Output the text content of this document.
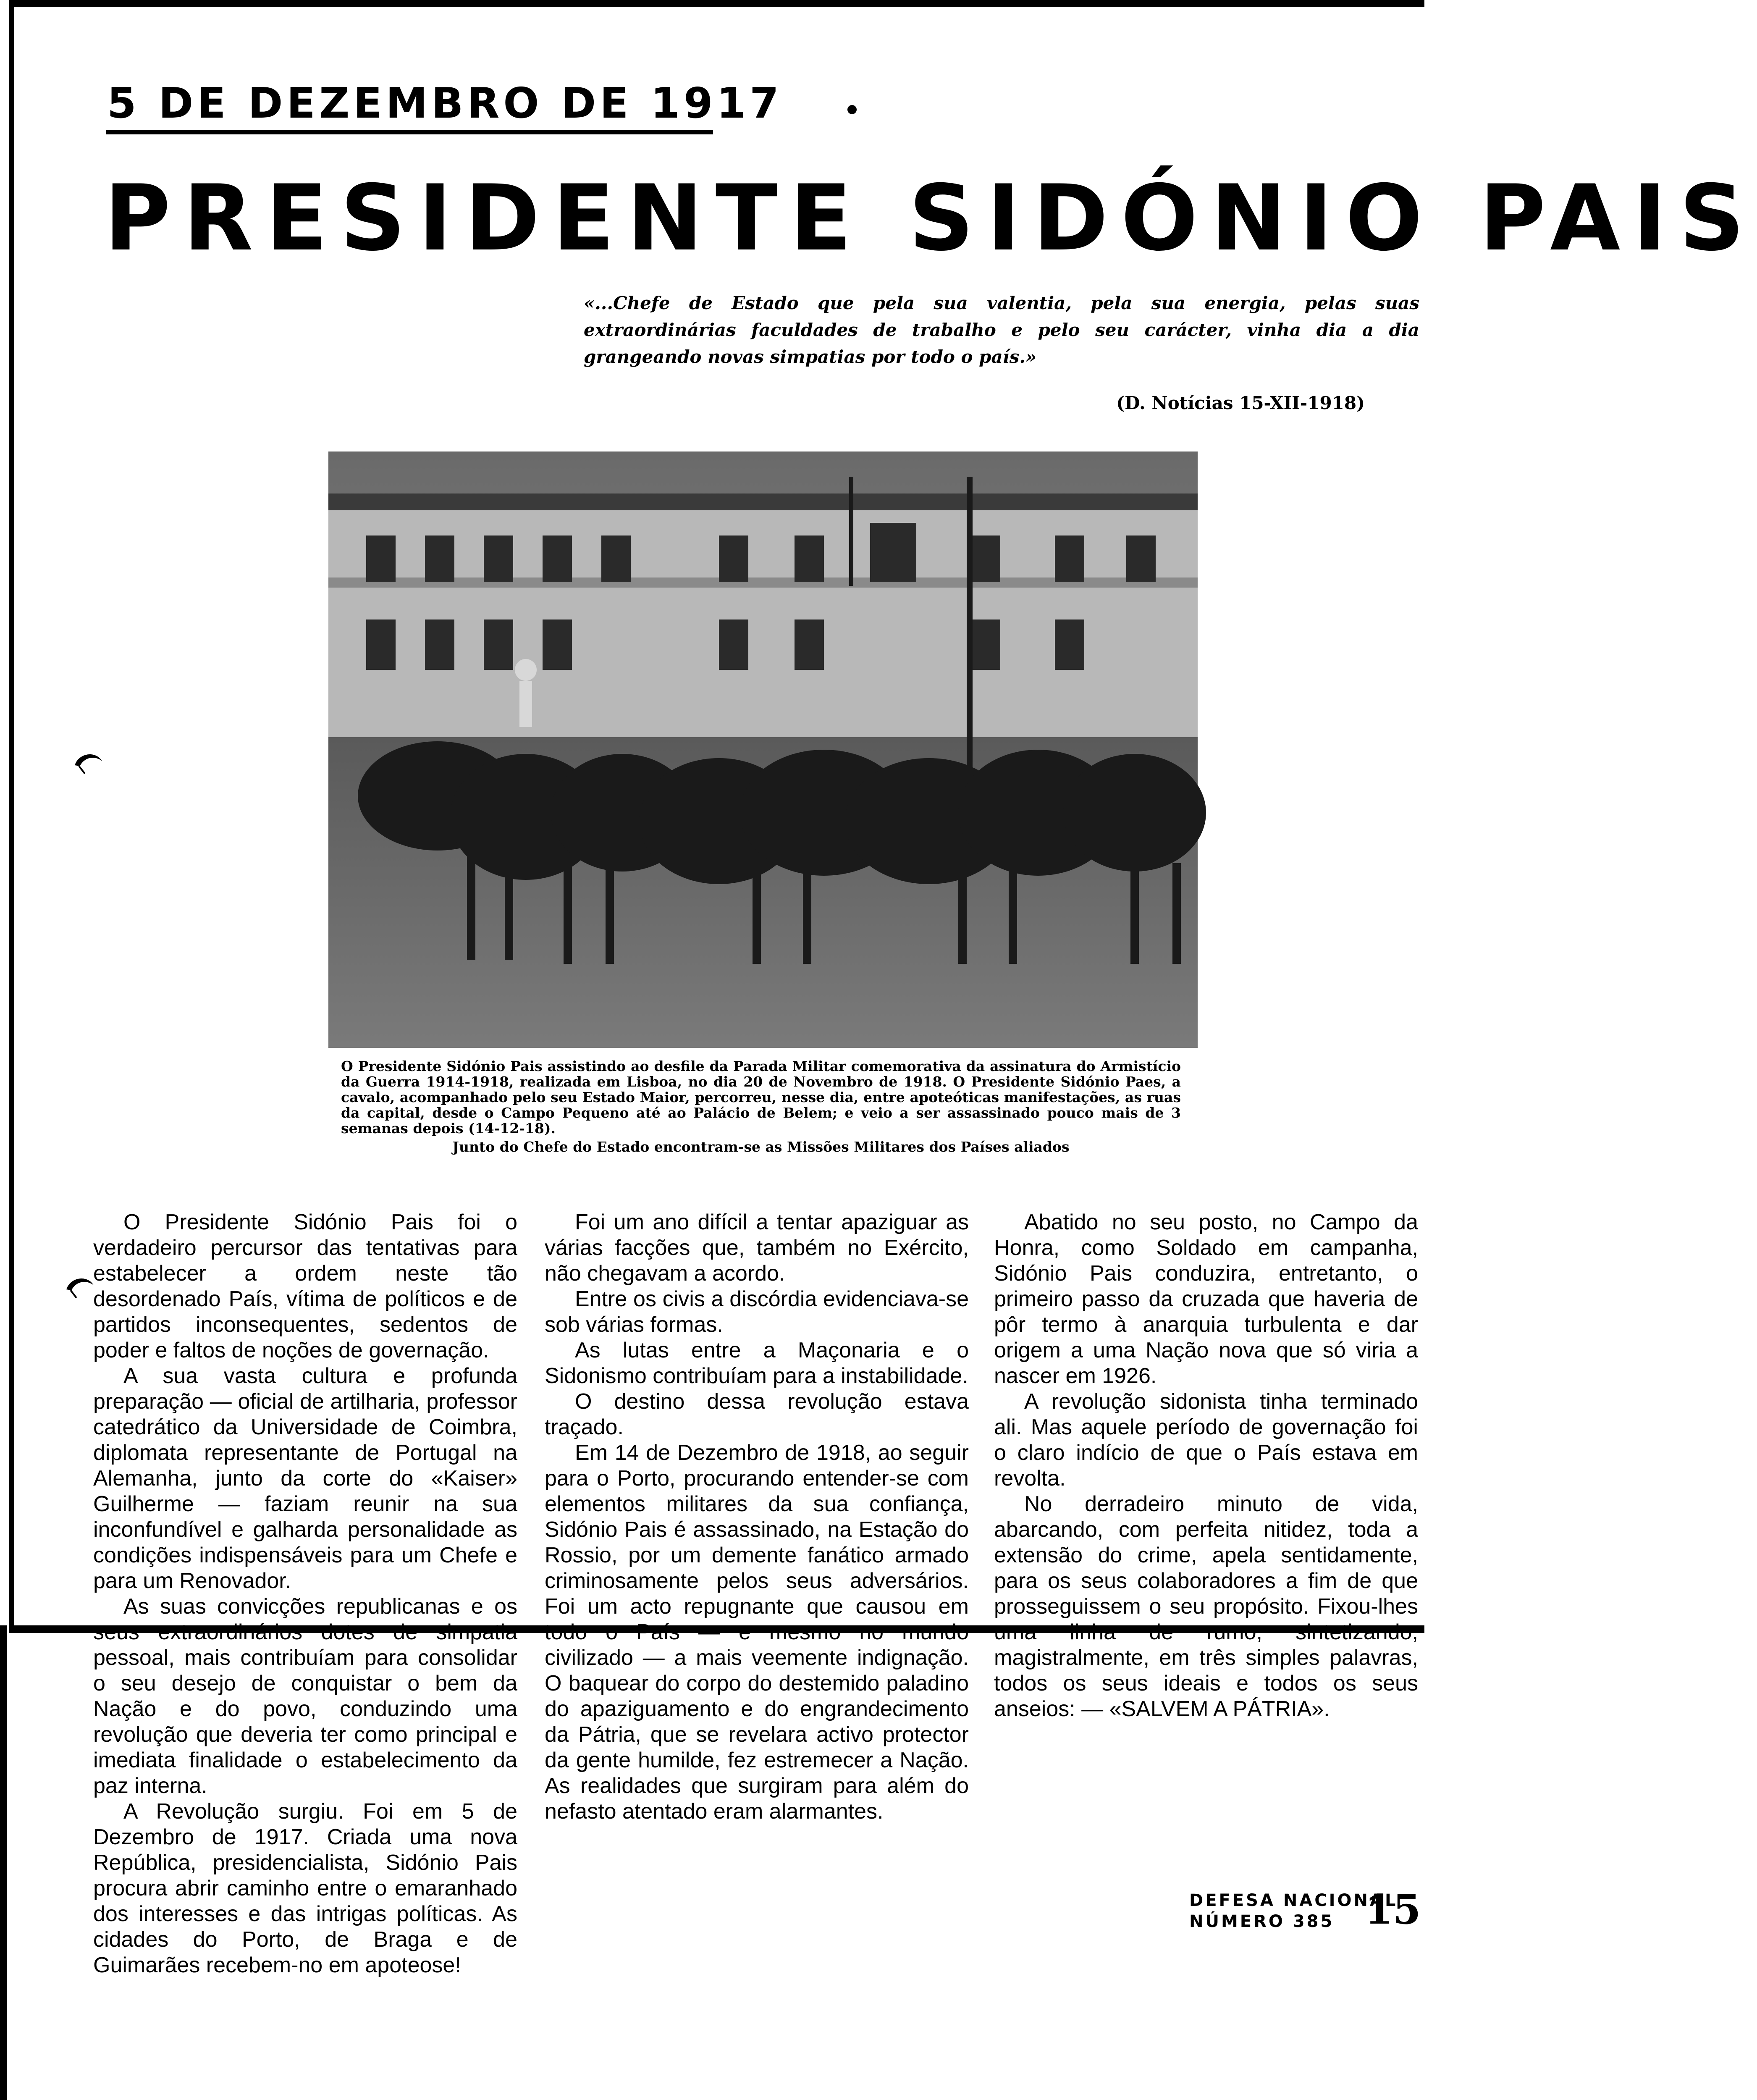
5 DE DEZEMBRO DE 1917
PRESIDENTE SIDÓNIO PAIS
«...Chefe de Estado que pela sua valentia, pela sua energia, pelas suas extraordinárias faculdades de trabalho e pelo seu carácter, vinha dia a dia grangeando novas simpatias por todo o país.»
(D. Notícias 15-XII-1918)
O Presidente Sidónio Pais assistindo ao desfile da Parada Militar comemorativa da assinatura do Armistício da Guerra 1914-1918, realizada em Lisboa, no dia 20 de Novembro de 1918. O Presidente Sidónio Paes, a cavalo, acompanhado pelo seu Estado Maior, percorreu, nesse dia, entre apoteóticas manifestações, as ruas da capital, desde o Campo Pequeno até ao Palácio de Belem; e veio a ser assassinado pouco mais de 3 semanas depois (14-12-18).
Junto do Chefe do Estado encontram-se as Missões Militares dos Países aliados

O Presidente Sidónio Pais foi o verdadeiro percursor das tentativas para estabelecer a ordem neste tão desordenado País, vítima de políticos e de partidos inconsequentes, sedentos de poder e faltos de noções de governação.

A sua vasta cultura e profunda preparação — oficial de artilharia, professor catedrático da Universidade de Coimbra, diplomata representante de Portugal na Alemanha, junto da corte do «Kaiser» Guilherme — faziam reunir na sua inconfundível e galharda personalidade as condições indispensáveis para um Chefe e para um Renovador.

As suas convicções republicanas e os seus extraordinários dotes de simpatia pessoal, mais contribuíam para consolidar o seu desejo de conquistar o bem da Nação e do povo, conduzindo uma revolução que deveria ter como principal e imediata finalidade o estabelecimento da paz interna.

A Revolução surgiu. Foi em 5 de Dezembro de 1917. Criada uma nova República, presidencialista, Sidónio Pais procura abrir caminho entre o emaranhado dos interesses e das intrigas políticas. As cidades do Porto, de Braga e de Guimarães recebem-no em apoteose!

Foi um ano difícil a tentar apaziguar as várias facções que, também no Exército, não chegavam a acordo.

Entre os civis a discórdia evidenciava-se sob várias formas.

As lutas entre a Maçonaria e o Sidonismo contribuíam para a instabilidade.

O destino dessa revolução estava traçado.

Em 14 de Dezembro de 1918, ao seguir para o Porto, procurando entender-se com elementos militares da sua confiança, Sidónio Pais é assassinado, na Estação do Rossio, por um demente fanático armado criminosamente pelos seus adversários. Foi um acto repugnante que causou em todo o País — e mesmo no mundo civilizado — a mais veemente indignação. O baquear do corpo do destemido paladino do apaziguamento e do engrandecimento da Pátria, que se revelara activo protector da gente humilde, fez estremecer a Nação. As realidades que surgiram para além do nefasto atentado eram alarmantes.

Abatido no seu posto, no Campo da Honra, como Soldado em campanha, Sidónio Pais conduzira, entretanto, o primeiro passo da cruzada que haveria de pôr termo à anarquia turbulenta e dar origem a uma Nação nova que só viria a nascer em 1926.

A revolução sidonista tinha terminado ali. Mas aquele período de governação foi o claro indício de que o País estava em revolta.

No derradeiro minuto de vida, abarcando, com perfeita nitidez, toda a extensão do crime, apela sentidamente, para os seus colaboradores a fim de que prosseguissem o seu propósito. Fixou-lhes uma linha de rumo, sintetizando, magistralmente, em três simples palavras, todos os seus ideais e todos os seus anseios: — «SALVEM A PÁTRIA».

DEFESA NACIONAL
NÚMERO 385 15
